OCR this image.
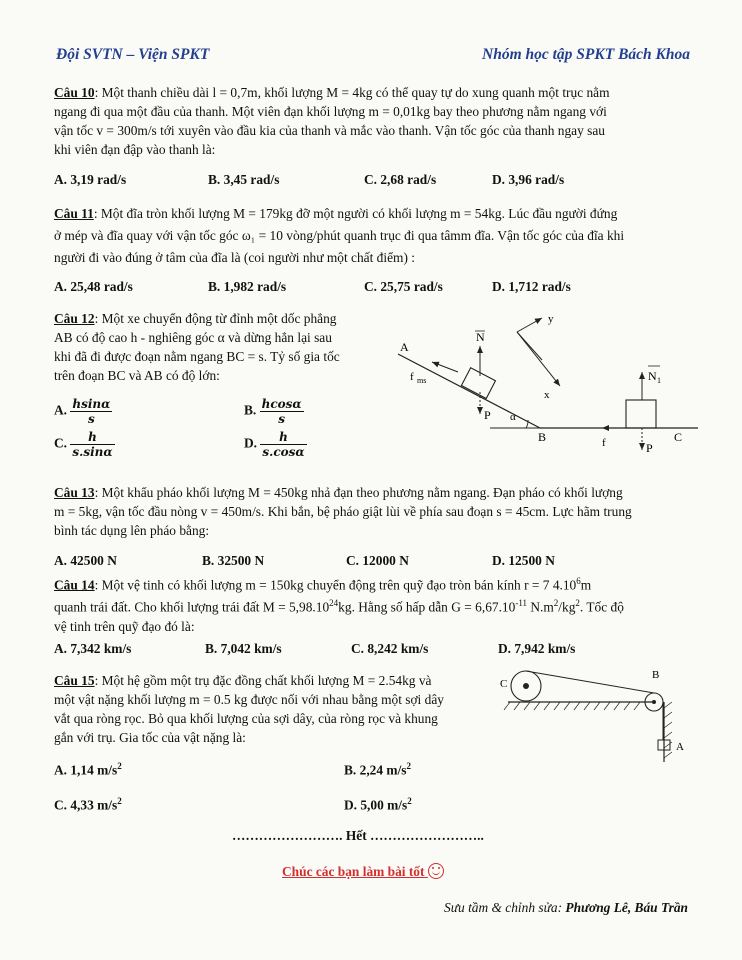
Đội SVTN – Viện SPKT	Nhóm học tập SPKT Bách Khoa
Câu 10: Một thanh chiều dài l = 0,7m, khối lượng M = 4kg có thể quay tự do xung quanh một trục nằm
ngang đi qua một đầu của thanh. Một viên đạn khối lượng m = 0,01kg bay theo phương nằm ngang với
vận tốc v = 300m/s tới xuyên vào đầu kia của thanh và mắc vào thanh. Vận tốc góc của thanh ngay sau
khi viên đạn đập vào thanh là:
A. 3,19 rad/s	B. 3,45 rad/s	C. 2,68 rad/s	D. 3,96 rad/s
Câu 11: Một đĩa tròn khối lượng M = 179kg đỡ một người có khối lượng m = 54kg. Lúc đầu người đứng
ở mép và đĩa quay với vận tốc góc ω₁ = 10 vòng/phút quanh trục đi qua tâmm đĩa. Vận tốc góc của đĩa khi
người đi vào đúng ở tâm của đĩa là (coi người như một chất điểm) :
A. 25,48 rad/s	B. 1,982 rad/s	C. 25,75 rad/s	D. 1,712 rad/s
Câu 12: Một xe chuyển động từ đỉnh một dốc phẳng
AB có độ cao h - nghiêng góc α và dừng hẳn lại sau
khi đã đi được đoạn nằm ngang BC = s. Tỷ số gia tốc
trên đoạn BC và AB có độ lớn:
A. $\frac{hsin\alpha}{s}$	B. $\frac{hcos\alpha}{s}$
C. $\frac{h}{s.\sin\alpha}$	D. $\frac{h}{s.\cos\alpha}$
N
P
f ms
y
x
A
B	C
α
N 1
P
f
Câu 13: Một khẩu pháo khối lượng M = 450kg nhả đạn theo phương nằm ngang. Đạn pháo có khối lượng
m = 5kg, vận tốc đầu nòng v = 450m/s. Khi bắn, bệ pháo giật lùi về phía sau đoạn s = 45cm. Lực hãm trung
bình tác dụng lên pháo bằng:
A. 42500 N	B. 32500 N	C. 12000 N	D. 12500 N
Câu 14: Một vệ tinh có khối lượng m = 150kg chuyển động trên quỹ đạo tròn bán kính r = 7 4.10$^6$m
quanh trái đất. Cho khối lượng trái đất $M = 5,98.10^{24}kg$. Hằng số hấp dẫn $G = 6,67.10^{-11}$ $N.m^2/kg^2$. Tốc độ
vệ tinh trên quỹ đạo đó là:
A. 7,342 km/s	B. 7,042 km/s	C. 8,242 km/s	D. 7,942 km/s
Câu 15: Một hệ gồm một trụ đặc đồng chất khối lượng M = 2.54kg và
một vật nặng khối lượng m = 0.5 kg được nối với nhau bằng một sợi dây
vắt qua ròng rọc. Bỏ qua khối lượng của sợi dây, của ròng rọc và khung
gắn với trụ. Gia tốc của vật nặng là:
A. 1,14 $m/s^2$	B. 2,24 $m/s^2$
C. 4,33 $m/s^2$	D. 5,00 $m/s^2$
C
B
A
……………………. Hết ……………………..
Chúc các bạn làm bài tốt
Sưu tầm & chỉnh sửa: Phương Lê, Báu Trần
